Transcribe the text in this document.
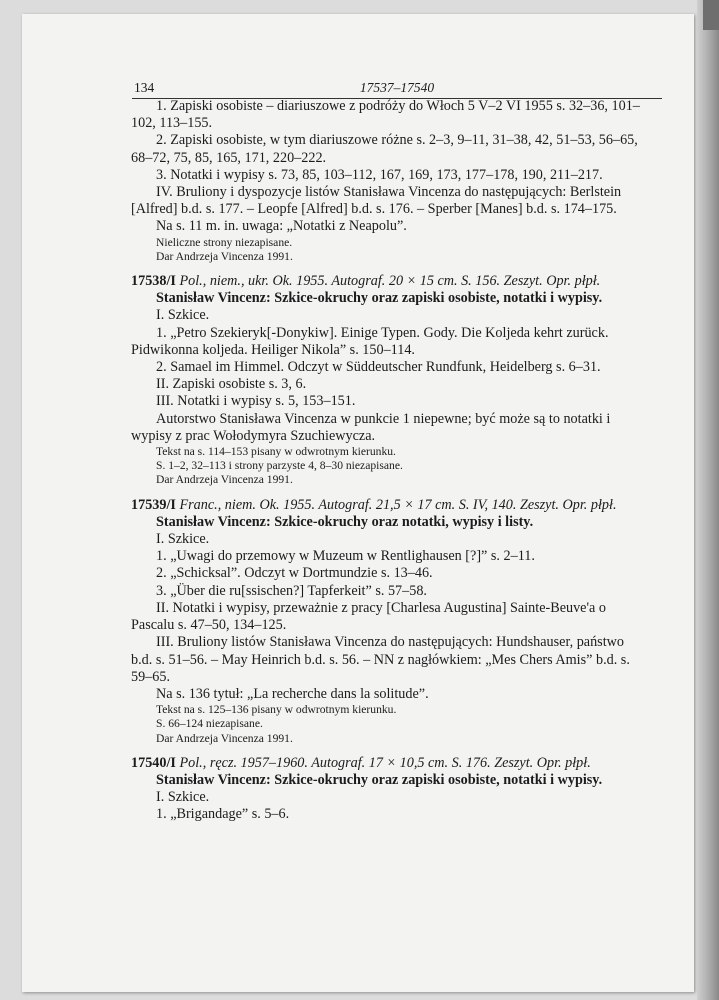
134	17537–17540

1. Zapiski osobiste – diariuszowe z podróży do Włoch 5 V–2 VI 1955 s. 32–36, 101–102, 113–155.

2. Zapiski osobiste, w tym diariuszowe różne s. 2–3, 9–11, 31–38, 42, 51–53, 56–65, 68–72, 75, 85, 165, 171, 220–222.

3. Notatki i wypisy s. 73, 85, 103–112, 167, 169, 173, 177–178, 190, 211–217.

IV. Bruliony i dyspozycje listów Stanisława Vincenza do następujących: Berlstein [Alfred] b.d. s. 177. – Leopfe [Alfred] b.d. s. 176. – Sperber [Manes] b.d. s. 174–175.

Na s. 11 m. in. uwaga: „Notatki z Neapolu”.

Nieliczne strony niezapisane.

Dar Andrzeja Vincenza 1991.

17538/I Pol., niem., ukr. Ok. 1955. Autograf. 20 × 15 cm. S. 156. Zeszyt. Opr. płpł.

Stanisław Vincenz: Szkice-okruchy oraz zapiski osobiste, notatki i wypisy.

I. Szkice.

1. „Petro Szekieryk[-Donykiw]. Einige Typen. Gody. Die Koljeda kehrt zurück. Pidwikonna koljeda. Heiliger Nikola” s. 150–114.

2. Samael im Himmel. Odczyt w Süddeutscher Rundfunk, Heidelberg s. 6–31.

II. Zapiski osobiste s. 3, 6.

III. Notatki i wypisy s. 5, 153–151.

Autorstwo Stanisława Vincenza w punkcie 1 niepewne; być może są to notatki i wypisy z prac Wołodymyra Szuchiewycza.

Tekst na s. 114–153 pisany w odwrotnym kierunku.

S. 1–2, 32–113 i strony parzyste 4, 8–30 niezapisane.

Dar Andrzeja Vincenza 1991.

17539/I Franc., niem. Ok. 1955. Autograf. 21,5 × 17 cm. S. IV, 140. Zeszyt. Opr. płpł.

Stanisław Vincenz: Szkice-okruchy oraz notatki, wypisy i listy.

I. Szkice.

1. „Uwagi do przemowy w Muzeum w Rentlighausen [?]” s. 2–11.

2. „Schicksal”. Odczyt w Dortmundzie s. 13–46.

3. „Über die ru[ssischen?] Tapferkeit” s. 57–58.

II. Notatki i wypisy, przeważnie z pracy [Charlesa Augustina] Sainte-Beuve'a o Pascalu s. 47–50, 134–125.

III. Bruliony listów Stanisława Vincenza do następujących: Hundshauser, państwo b.d. s. 51–56. – May Heinrich b.d. s. 56. – NN z nagłówkiem: „Mes Chers Amis” b.d. s. 59–65.

Na s. 136 tytuł: „La recherche dans la solitude”.

Tekst na s. 125–136 pisany w odwrotnym kierunku.

S. 66–124 niezapisane.

Dar Andrzeja Vincenza 1991.

17540/I Pol., ręcz. 1957–1960. Autograf. 17 × 10,5 cm. S. 176. Zeszyt. Opr. płpł.

Stanisław Vincenz: Szkice-okruchy oraz zapiski osobiste, notatki i wypisy.

I. Szkice.

1. „Brigandage” s. 5–6.
